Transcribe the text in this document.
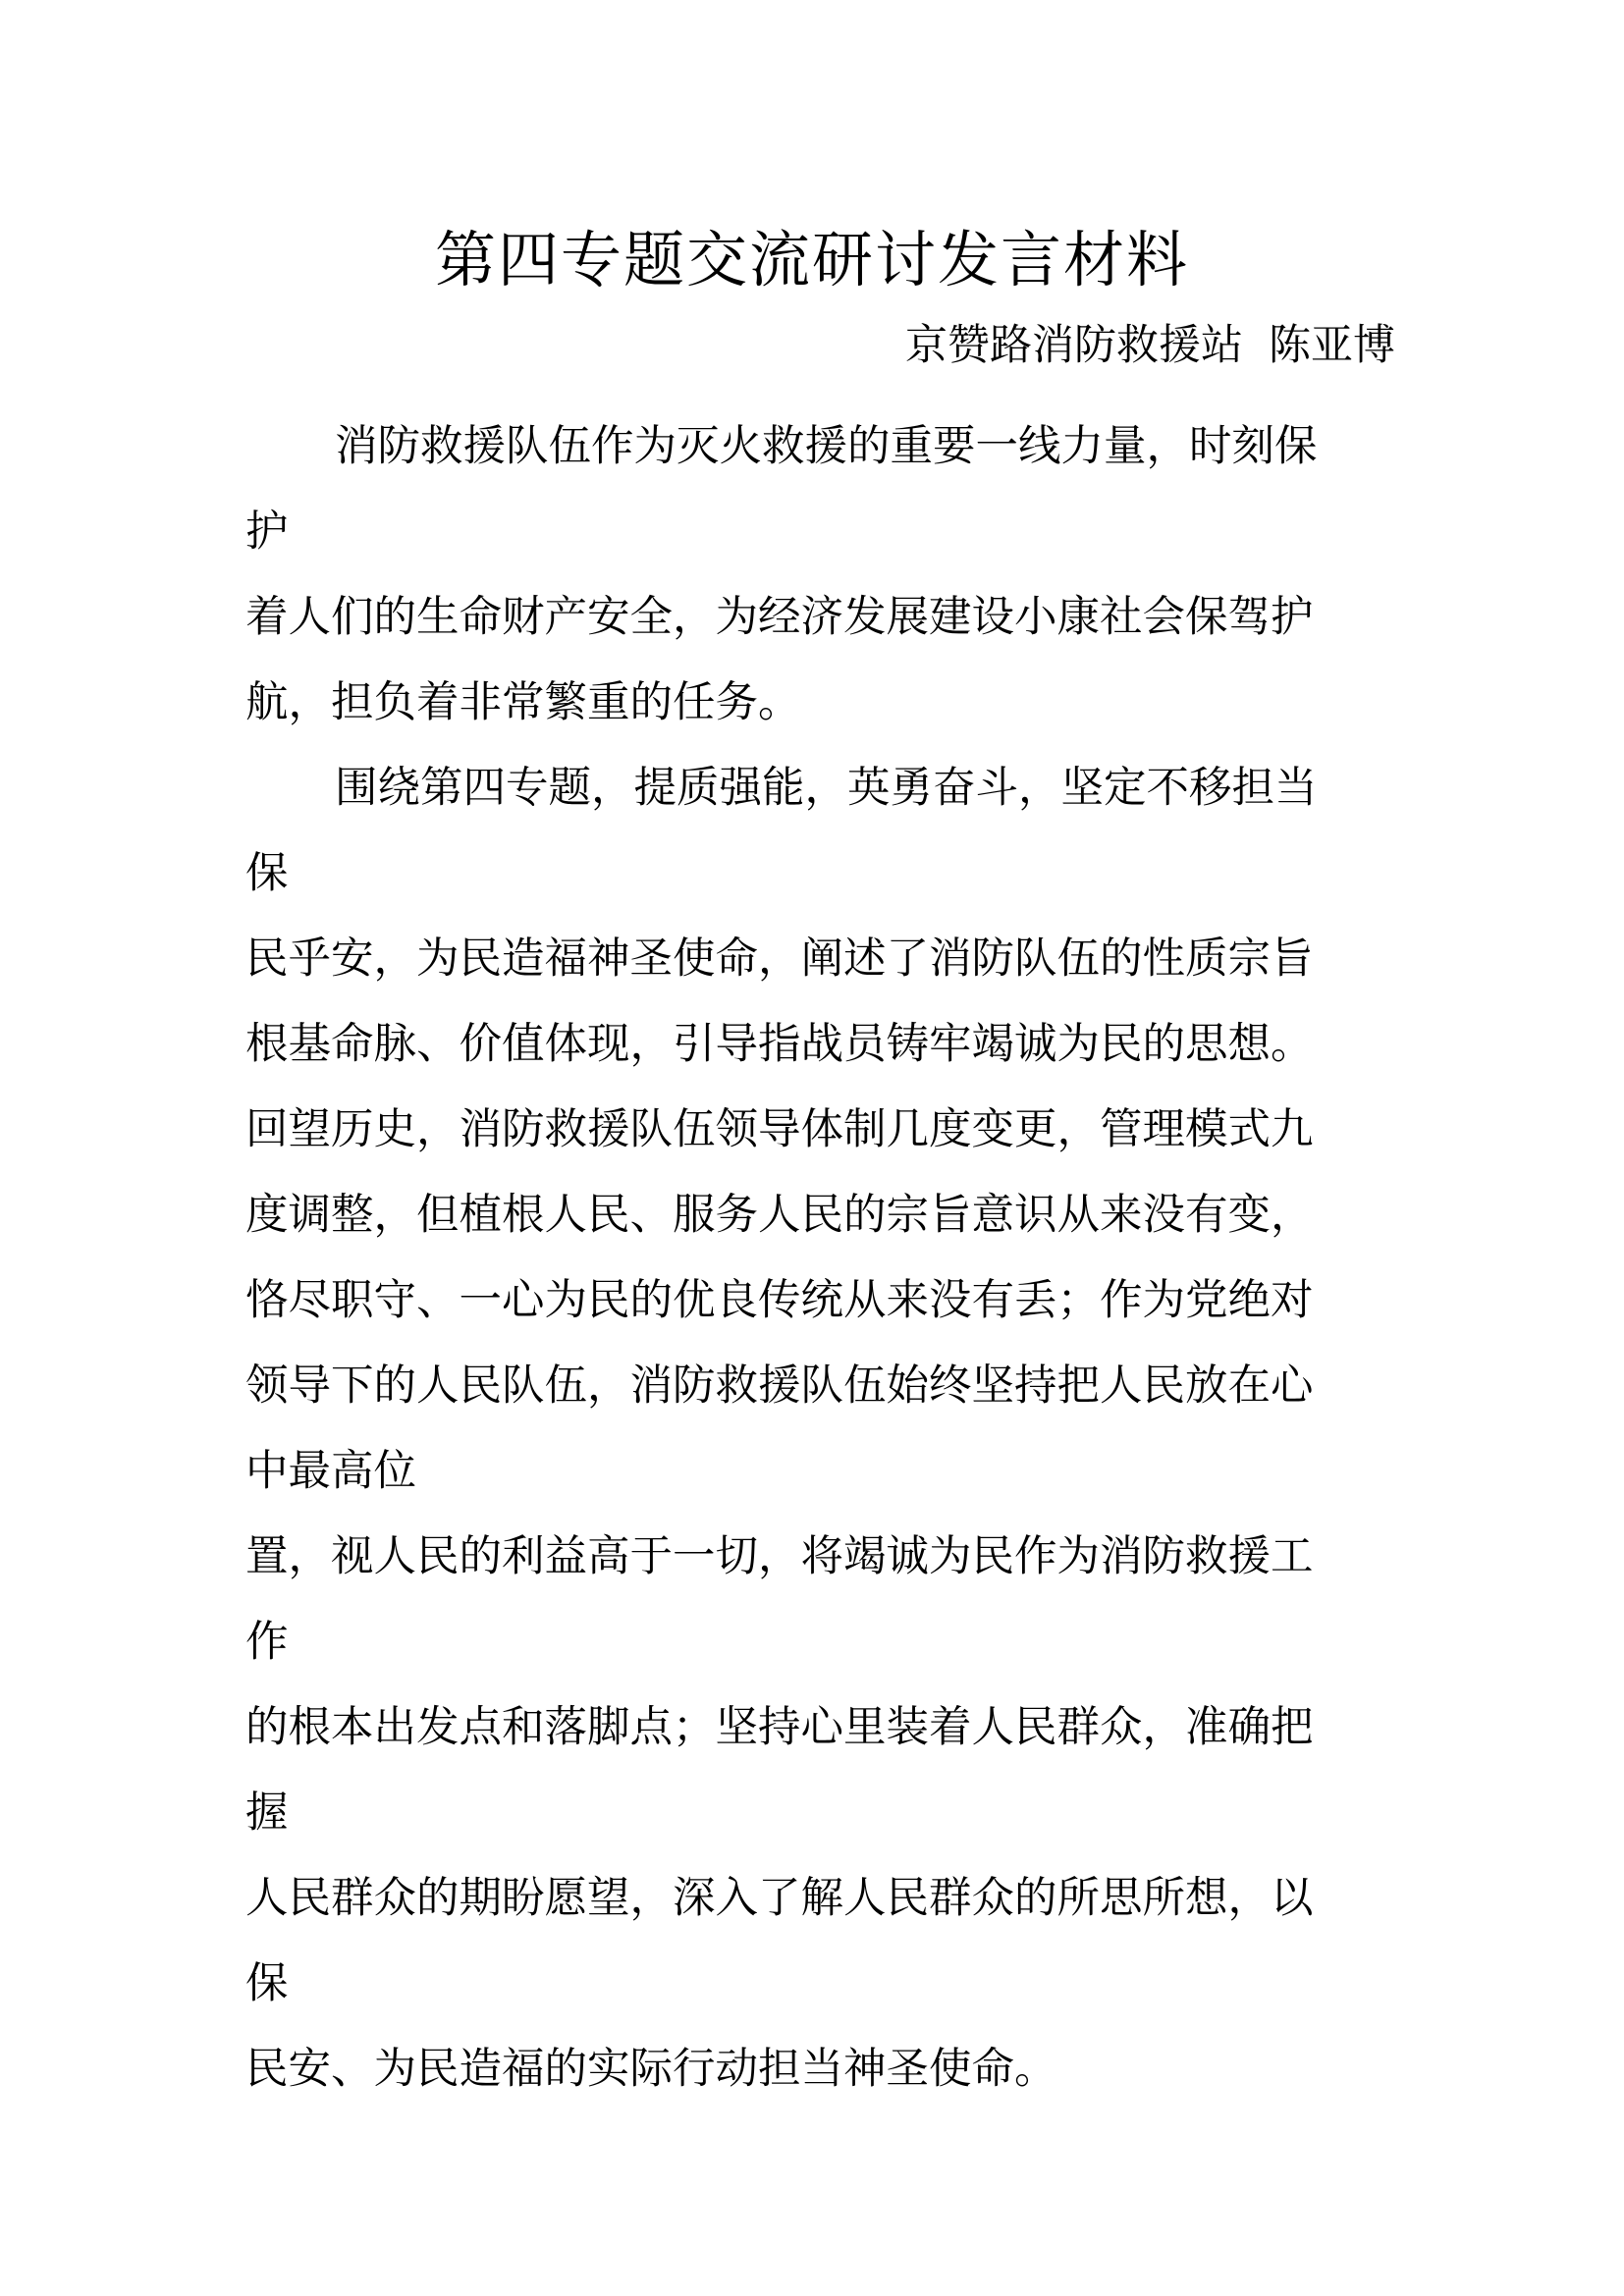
第四专题交流研讨发言材料
京赞路消防救援站 陈亚博
消防救援队伍作为灭火救援的重要一线力量，时刻保
护
着人们的生命财产安全，为经济发展建设小康社会保驾护
航，担负着非常繁重的任务。
围绕第四专题，提质强能，英勇奋斗，坚定不移担当
保
民乎安，为民造福神圣使命，阐述了消防队伍的性质宗旨
根基命脉、价值体现，引导指战员铸牢竭诚为民的思想。
回望历史，消防救援队伍领导体制几度变更，管理模式九
度调整，但植根人民、服务人民的宗旨意识从来没有变，
恪尽职守、一心为民的优良传统从来没有丢；作为党绝对
领导下的人民队伍，消防救援队伍始终坚持把人民放在心
中最高位
置，视人民的利益高于一切，将竭诚为民作为消防救援工
作
的根本出发点和落脚点；坚持心里装着人民群众，准确把
握
人民群众的期盼愿望，深入了解人民群众的所思所想，以
保
民安、为民造福的实际行动担当神圣使命。
